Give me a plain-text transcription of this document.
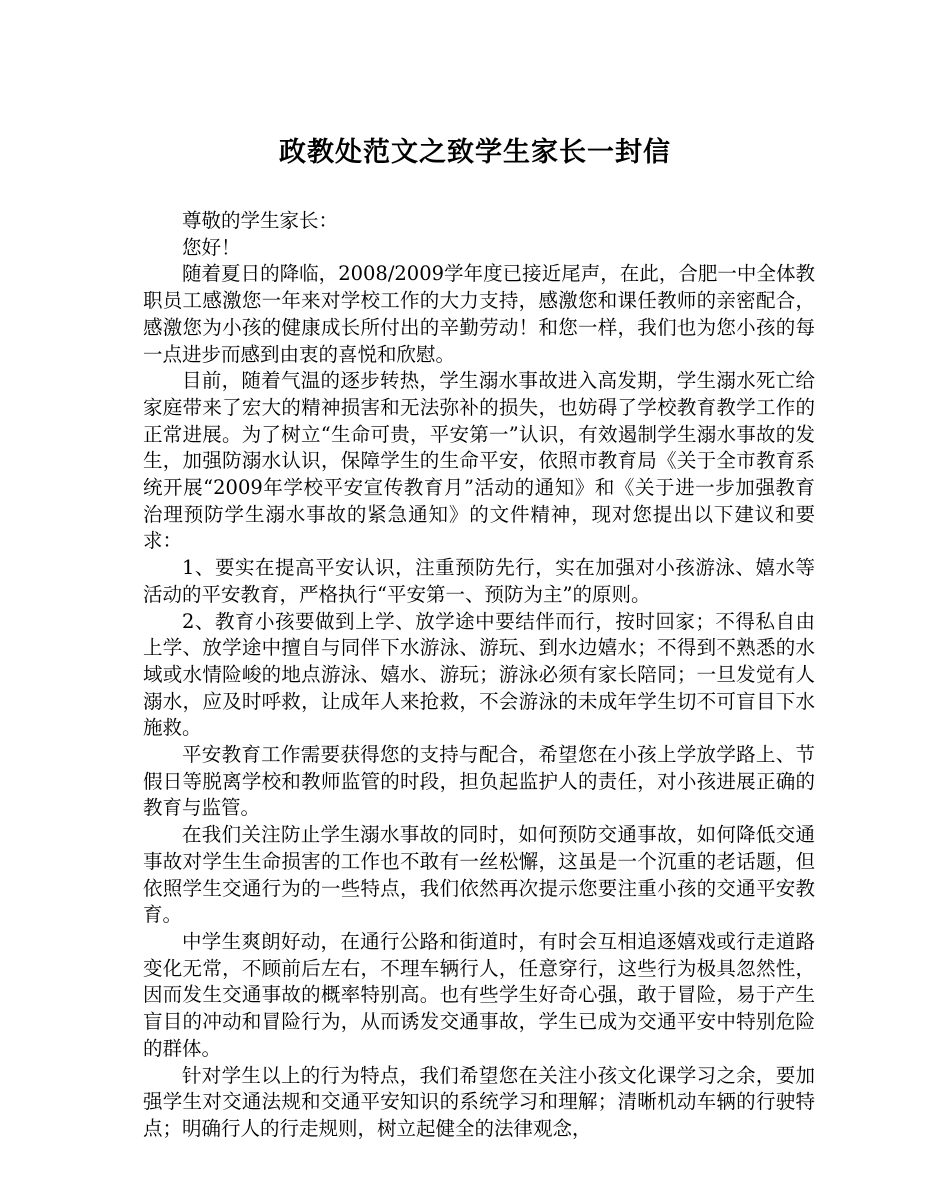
政教处范文之致学生家长一封信

尊敬的学生家长：

您好！

随着夏日的降临，2008/2009学年度已接近尾声，在此，合肥一中全体教职员工感激您一年来对学校工作的大力支持，感激您和课任教师的亲密配合，感激您为小孩的健康成长所付出的辛勤劳动！和您一样，我们也为您小孩的每一点进步而感到由衷的喜悦和欣慰。

目前，随着气温的逐步转热，学生溺水事故进入高发期，学生溺水死亡给家庭带来了宏大的精神损害和无法弥补的损失，也妨碍了学校教育教学工作的正常进展。为了树立“生命可贵，平安第一”认识，有效遏制学生溺水事故的发生，加强防溺水认识，保障学生的生命平安，依照市教育局《关于全市教育系统开展“2009年学校平安宣传教育月”活动的通知》和《关于进一步加强教育治理预防学生溺水事故的紧急通知》的文件精神，现对您提出以下建议和要求：

1、要实在提高平安认识，注重预防先行，实在加强对小孩游泳、嬉水等活动的平安教育，严格执行“平安第一、预防为主”的原则。

2、教育小孩要做到上学、放学途中要结伴而行，按时回家；不得私自由上学、放学途中擅自与同伴下水游泳、游玩、到水边嬉水；不得到不熟悉的水域或水情险峻的地点游泳、嬉水、游玩；游泳必须有家长陪同；一旦发觉有人溺水，应及时呼救，让成年人来抢救，不会游泳的未成年学生切不可盲目下水施救。

平安教育工作需要获得您的支持与配合，希望您在小孩上学放学路上、节假日等脱离学校和教师监管的时段，担负起监护人的责任，对小孩进展正确的教育与监管。

在我们关注防止学生溺水事故的同时，如何预防交通事故，如何降低交通事故对学生生命损害的工作也不敢有一丝松懈，这虽是一个沉重的老话题，但依照学生交通行为的一些特点，我们依然再次提示您要注重小孩的交通平安教育。

中学生爽朗好动，在通行公路和街道时，有时会互相追逐嬉戏或行走道路变化无常，不顾前后左右，不理车辆行人，任意穿行，这些行为极具忽然性，因而发生交通事故的概率特别高。也有些学生好奇心强，敢于冒险，易于产生盲目的冲动和冒险行为，从而诱发交通事故，学生已成为交通平安中特别危险的群体。

针对学生以上的行为特点，我们希望您在关注小孩文化课学习之余，要加强学生对交通法规和交通平安知识的系统学习和理解；清晰机动车辆的行驶特点；明确行人的行走规则，树立起健全的法律观念，
